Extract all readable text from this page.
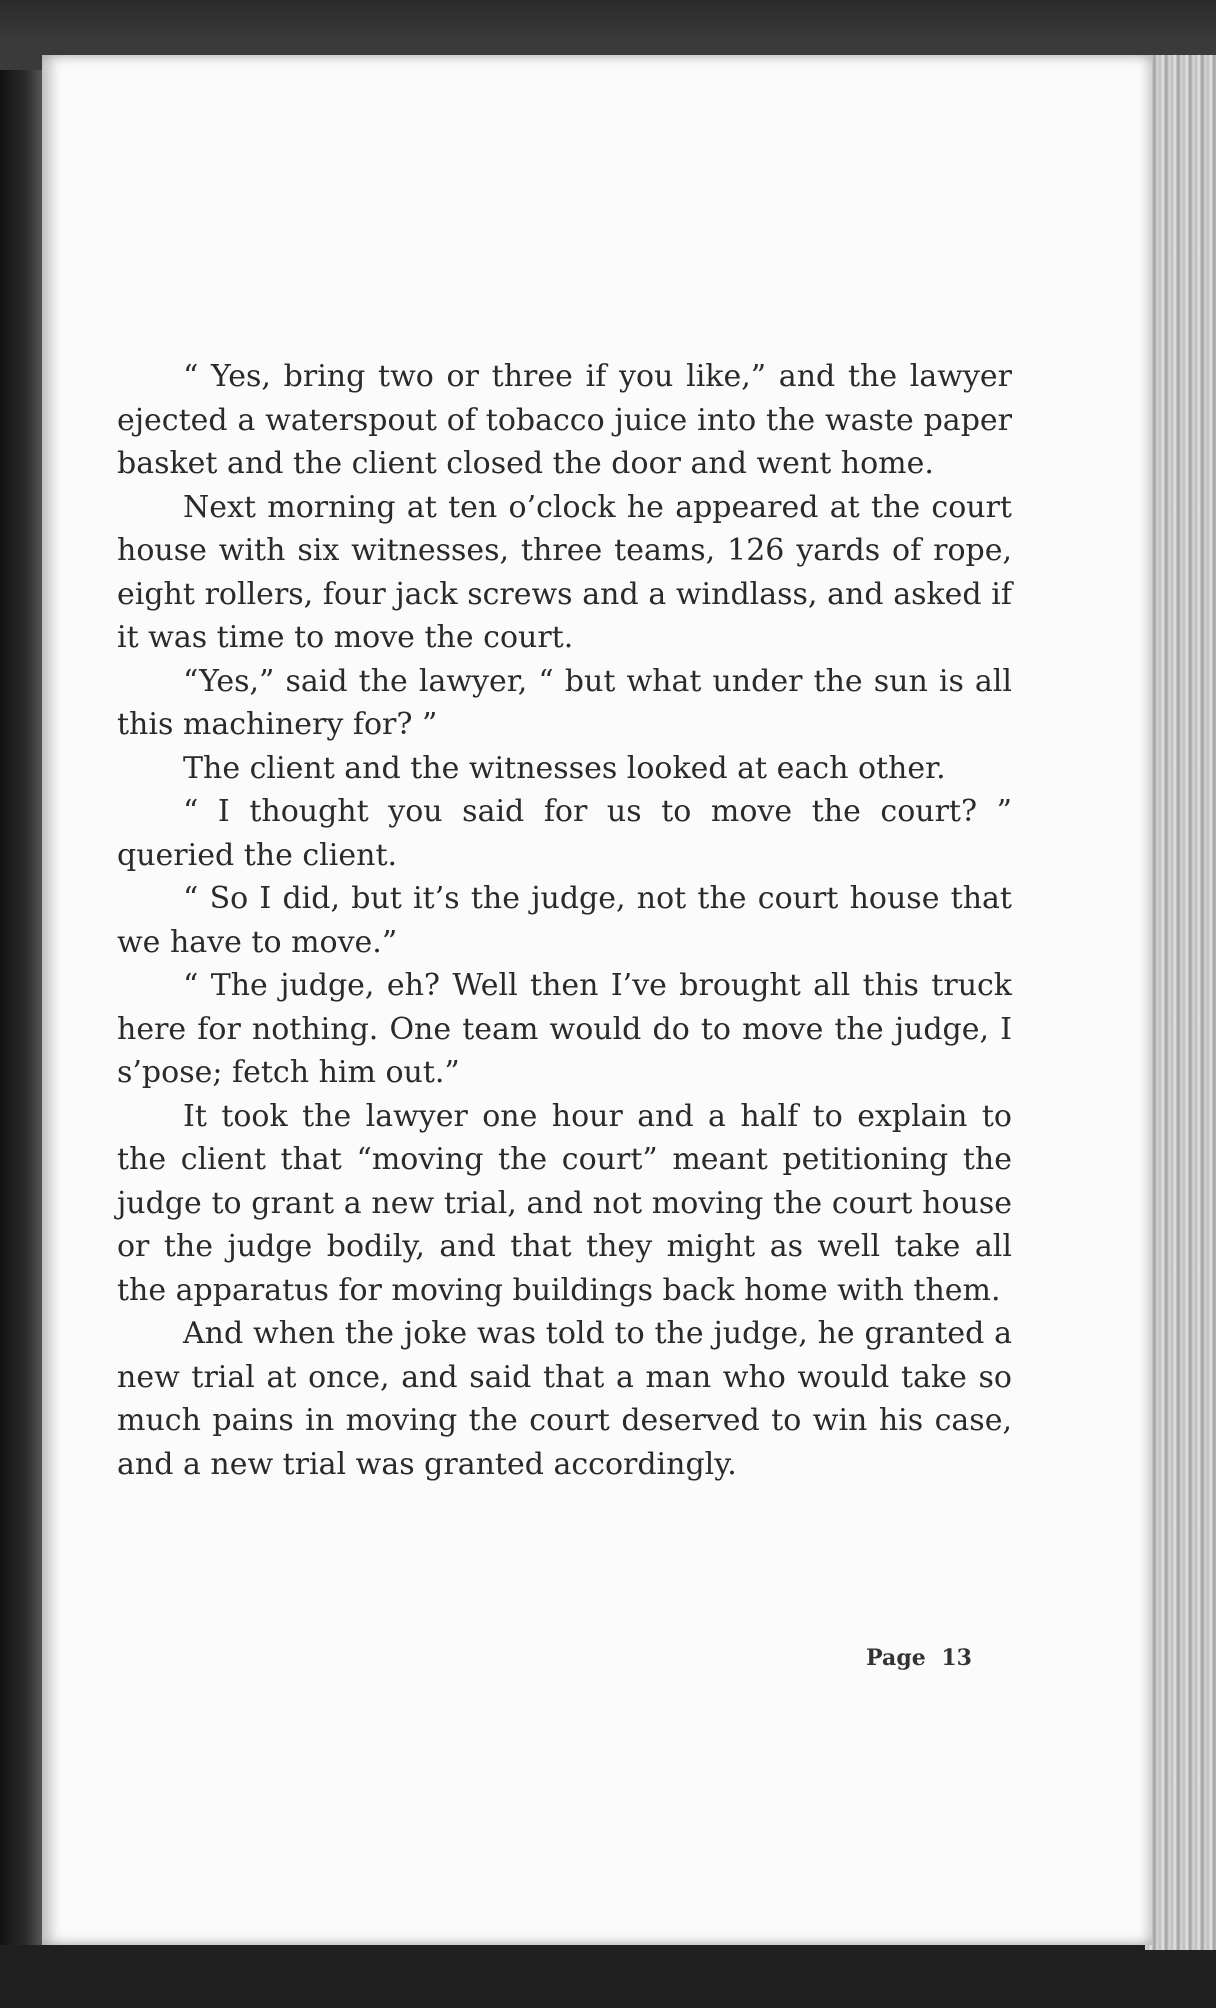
“ Yes, bring two or three if you like,” and the lawyer ejected a waterspout of tobacco juice into the waste paper basket and the client closed the door and went home.

Next morning at ten o’clock he appeared at the court house with six witnesses, three teams, 126 yards of rope, eight rollers, four jack screws and a windlass, and asked if it was time to move the court.

“Yes,” said the lawyer, “ but what under the sun is all this machinery for? ”

The client and the witnesses looked at each other.

“ I thought you said for us to move the court? ” queried the client.

“ So I did, but it’s the judge, not the court house that we have to move.”

“ The judge, eh? Well then I’ve brought all this truck here for nothing. One team would do to move the judge, I s’pose; fetch him out.”

It took the lawyer one hour and a half to explain to the client that “moving the court” meant petitioning the judge to grant a new trial, and not moving the court house or the judge bodily, and that they might as well take all the apparatus for moving buildings back home with them.

And when the joke was told to the judge, he granted a new trial at once, and said that a man who would take so much pains in moving the court deserved to win his case, and a new trial was granted accordingly.

Page 13
